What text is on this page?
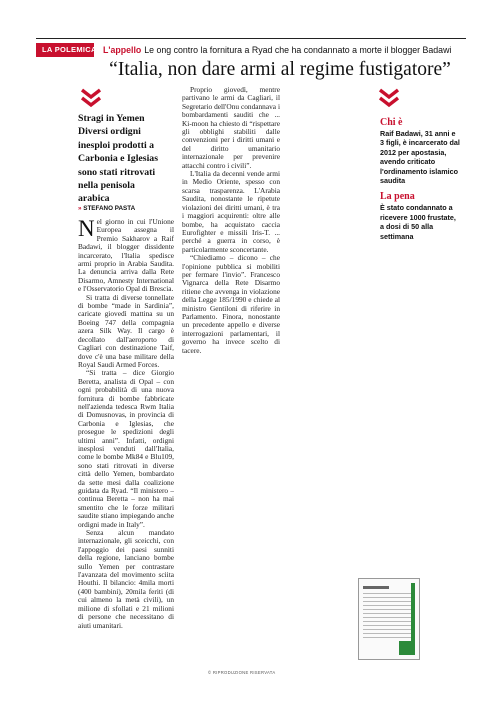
LA POLEMICA L'appello Le ong contro la fornitura a Ryad che ha condannato a morte il blogger Badawi
“Italia, non dare armi al regime fustigatore”
Stragi in Yemen
Diversi ordigni inesploi prodotti a Carbonia e Iglesias sono stati ritrovati nella penisola arabica
» STEFANO PASTA

Nel giorno in cui l'Unione Europea assegna il Premio Sakharov a Raif Badawi, il blogger dissidente incarcerato, l'Italia spedisce armi proprio in Arabia Saudita. La denuncia arriva dalla Rete Disarmo, Amnesty International e l'Osservatorio Opal di Brescia.

Si tratta di diverse tonnellate di bombe “made in Sardinia”, caricate giovedì mattina su un Boeing 747 della compagnia azera Silk Way. Il cargo è decollato dall'aeroporto di Cagliari con destinazione Taif, dove c'è una base militare della Royal Saudi Armed Forces.

“Si tratta – dice Giorgio Beretta, analista di Opal – con ogni probabilità di una nuova fornitura di bombe fabbricate nell'azienda tedesca Rwm Italia di Domusnovas, in provincia di Carbonia e Iglesias, che prosegue le spedizioni degli ultimi anni”. Infatti, ordigni inesplosi venduti dall'Italia, come le bombe Mk84 e Blu109, sono stati ritrovati in diverse città dello Yemen, bombardato da sette mesi dalla coalizione guidata da Ryad. “Il ministero – continua Beretta – non ha mai smentito che le forze militari saudite stiano impiegando anche ordigni made in Italy”.

Senza alcun mandato internazionale, gli sceicchi, con l'appoggio dei paesi sunniti della regione, lanciano bombe sullo Yemen per contrastare l'avanzata del movimento sciita Houthi. Il bilancio: 4mila morti (400 bambini), 20mila feriti (di cui almeno la metà civili), un milione di sfollati e 21 milioni di persone che necessitano di aiuti umanitari.

Proprio giovedì, mentre partivano le armi da Cagliari, il Segretario dell'Onu condannava i bombardamenti sauditi che ... Ki-moon ha chiesto di “rispettare gli obblighi stabiliti dalle convenzioni per i diritti umani e del diritto umanitario internazionale per prevenire attacchi contro i civili”.

L'Italia da decenni vende armi in Medio Oriente, spesso con scarsa trasparenza. L'Arabia Saudita, nonostante le ripetute violazioni dei diritti umani, è tra i maggiori acquirenti: oltre alle bombe, ha acquistato caccia Eurofighter e missili Iris-T. ... perché a guerra in corso, è particolarmente sconcertante.

“Chiediamo – dicono – che l'opinione pubblica si mobiliti per fermare l'invio”. Francesco Vignarca della Rete Disarmo ritiene che avvenga in violazione della Legge 185/1990 e chiede al ministro Gentiloni di riferire in Parlamento. Finora, nonostante un precedente appello e diverse interrogazioni parlamentari, il governo ha invece scelto di tacere.

© RIPRODUZIONE RISERVATA
Chi è

Raif Badawi, 31 anni e 3 figli, è incarcerato dal 2012 per apostasia, avendo criticato l'ordinamento islamico saudita

La pena

È stato condannato a ricevere 1000 frustate, a dosi di 50 alla settimana
